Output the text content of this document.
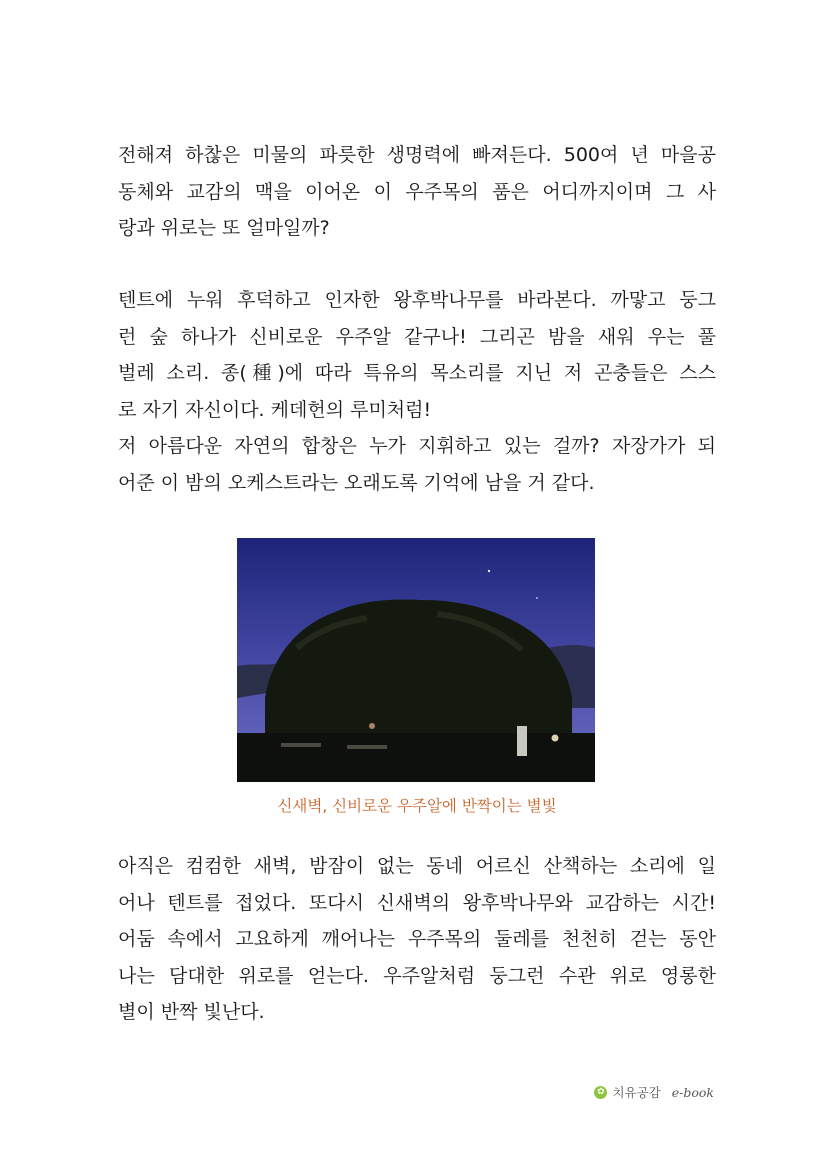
전해져 하찮은 미물의 파릇한 생명력에 빠져든다. 500여 년 마을공
동체와 교감의 맥을 이어온 이 우주목의 품은 어디까지이며 그 사
랑과 위로는 또 얼마일까?
텐트에 누워 후덕하고 인자한 왕후박나무를 바라본다. 까맣고 둥그
런 숲 하나가 신비로운 우주알 같구나! 그리곤 밤을 새워 우는 풀
벌레 소리. 종(種)에 따라 특유의 목소리를 지닌 저 곤충들은 스스
로 자기 자신이다. 케데헌의 루미처럼!
저 아름다운 자연의 합창은 누가 지휘하고 있는 걸까? 자장가가 되
어준 이 밤의 오케스트라는 오래도록 기억에 남을 거 같다.
신새벽, 신비로운 우주알에 반짝이는 별빛
아직은 컴컴한 새벽, 밤잠이 없는 동네 어르신 산책하는 소리에 일
어나 텐트를 접었다. 또다시 신새벽의 왕후박나무와 교감하는 시간!
어둠 속에서 고요하게 깨어나는 우주목의 둘레를 천천히 걷는 동안
나는 담대한 위로를 얻는다. 우주알처럼 둥그런 수관 위로 영롱한
별이 반짝 빛난다.
✿ 치유공감 e-book
